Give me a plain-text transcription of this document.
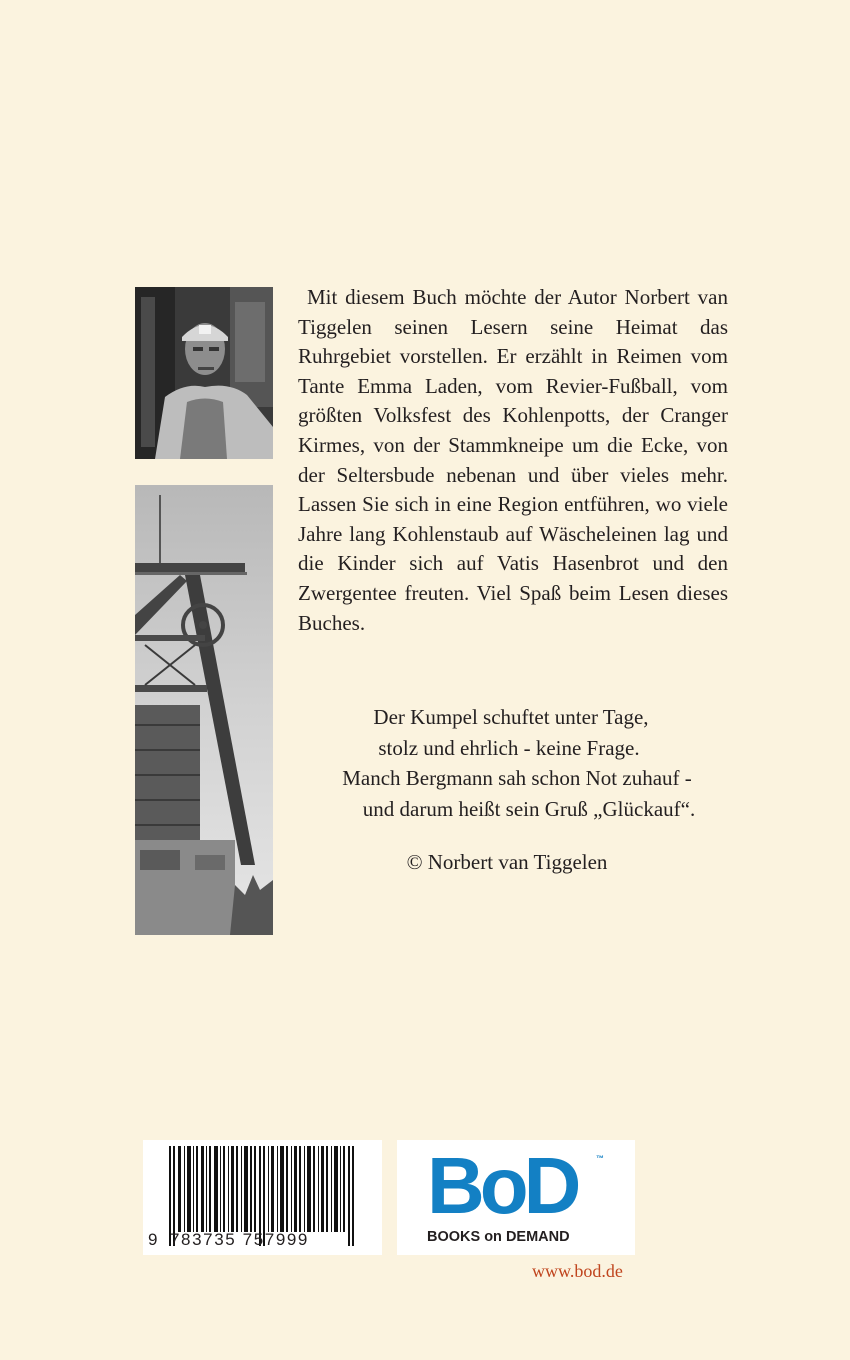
Mit diesem Buch möchte der Autor Norbert van Tiggelen seinen Lesern seine Heimat das Ruhrgebiet vorstellen. Er erzählt in Reimen vom Tante Emma Laden, vom Revier-Fußball, vom größten Volksfest des Kohlenpotts, der Cranger Kirmes, von der Stammkneipe um die Ecke, von der Seltersbude nebenan und über vieles mehr. Lassen Sie sich in eine Region entführen, wo viele Jahre lang Kohlenstaub auf Wäscheleinen lag und die Kinder sich auf Vatis Hasenbrot und den Zwergentee freuten. Viel Spaß beim Lesen dieses Buches.

Der Kumpel schuftet unter Tage,
stolz und ehrlich - keine Frage.
Manch Bergmann sah schon Not zuhauf -
und darum heißt sein Gruß „Glückauf“.
© Norbert van Tiggelen
9 783735 757999
BoD ™
BOOKS on DEMAND
www.bod.de
